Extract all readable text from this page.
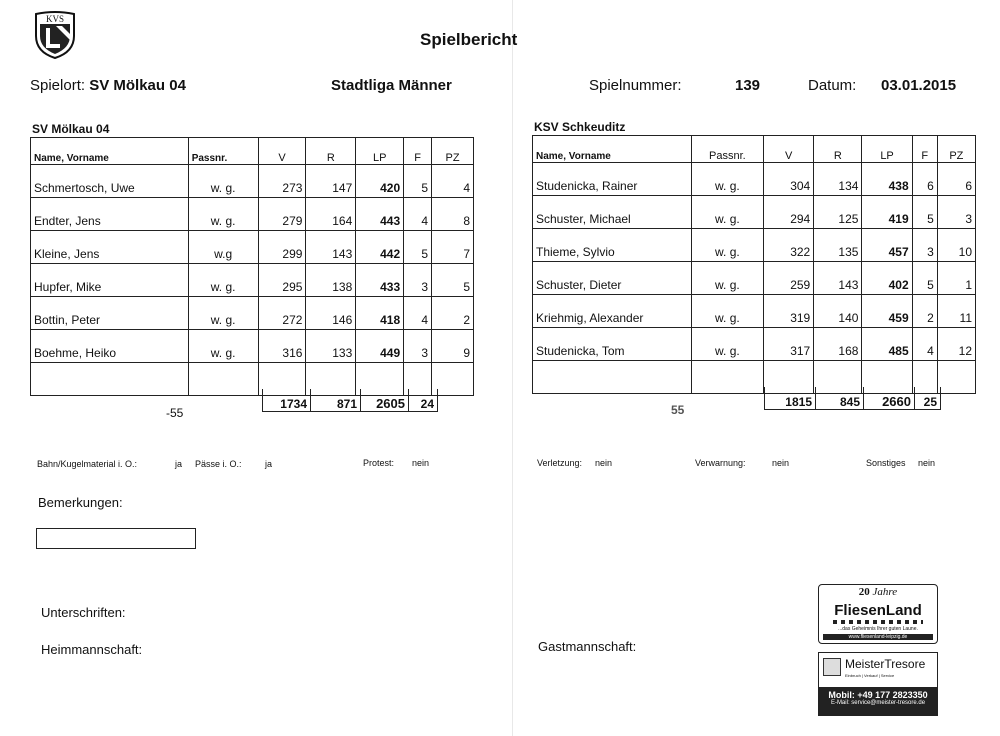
KVS
Spielbericht
Spielort: SV Mölkau 04	Stadtliga Männer	Spielnummer:	139	Datum: 03.01.2015
SV Mölkau 04	KSV Schkeuditz
Name, Vorname	Passnr.	V	R	LP	F	PZ
Schmertosch, Uwe	w. g.	273	147	420	5	4
Endter, Jens	w. g.	279	164	443	4	8
Kleine, Jens	w.g	299	143	442	5	7
Hupfer, Mike	w. g.	295	138	433	3	5
Bottin, Peter	w. g.	272	146	418	4	2
Boehme, Heiko	w. g.	316	133	449	3	9

1734	871	2605	24
-55
Name, Vorname	Passnr.	V	R	LP	F	PZ
Studenicka, Rainer	w. g.	304	134	438	6	6
Schuster, Michael	w. g.	294	125	419	5	3
Thieme, Sylvio	w. g.	322	135	457	3	10
Schuster, Dieter	w. g.	259	143	402	5	1
Kriehmig, Alexander	w. g.	319	140	459	2	11
Studenicka, Tom	w. g.	317	168	485	4	12

1815	845	2660	25
55
Bahn/Kugelmaterial i. O.:	ja Pässe i. O.:	ja	Protest: nein	Verletzung: nein	Verwarnung:	nein	Sonstiges nein
Bemerkungen:
Unterschriften:
Heimmannschaft:	Gastmannschaft:
20 Jahre
FliesenLand
...das Geheimnis Ihrer guten Laune.
www.fliesenland-leipzig.de
MeisterTresore
Einbruch | Verkauf | Service
Mobil: +49 177 2823350
E-Mail: service@meister-tresore.de
